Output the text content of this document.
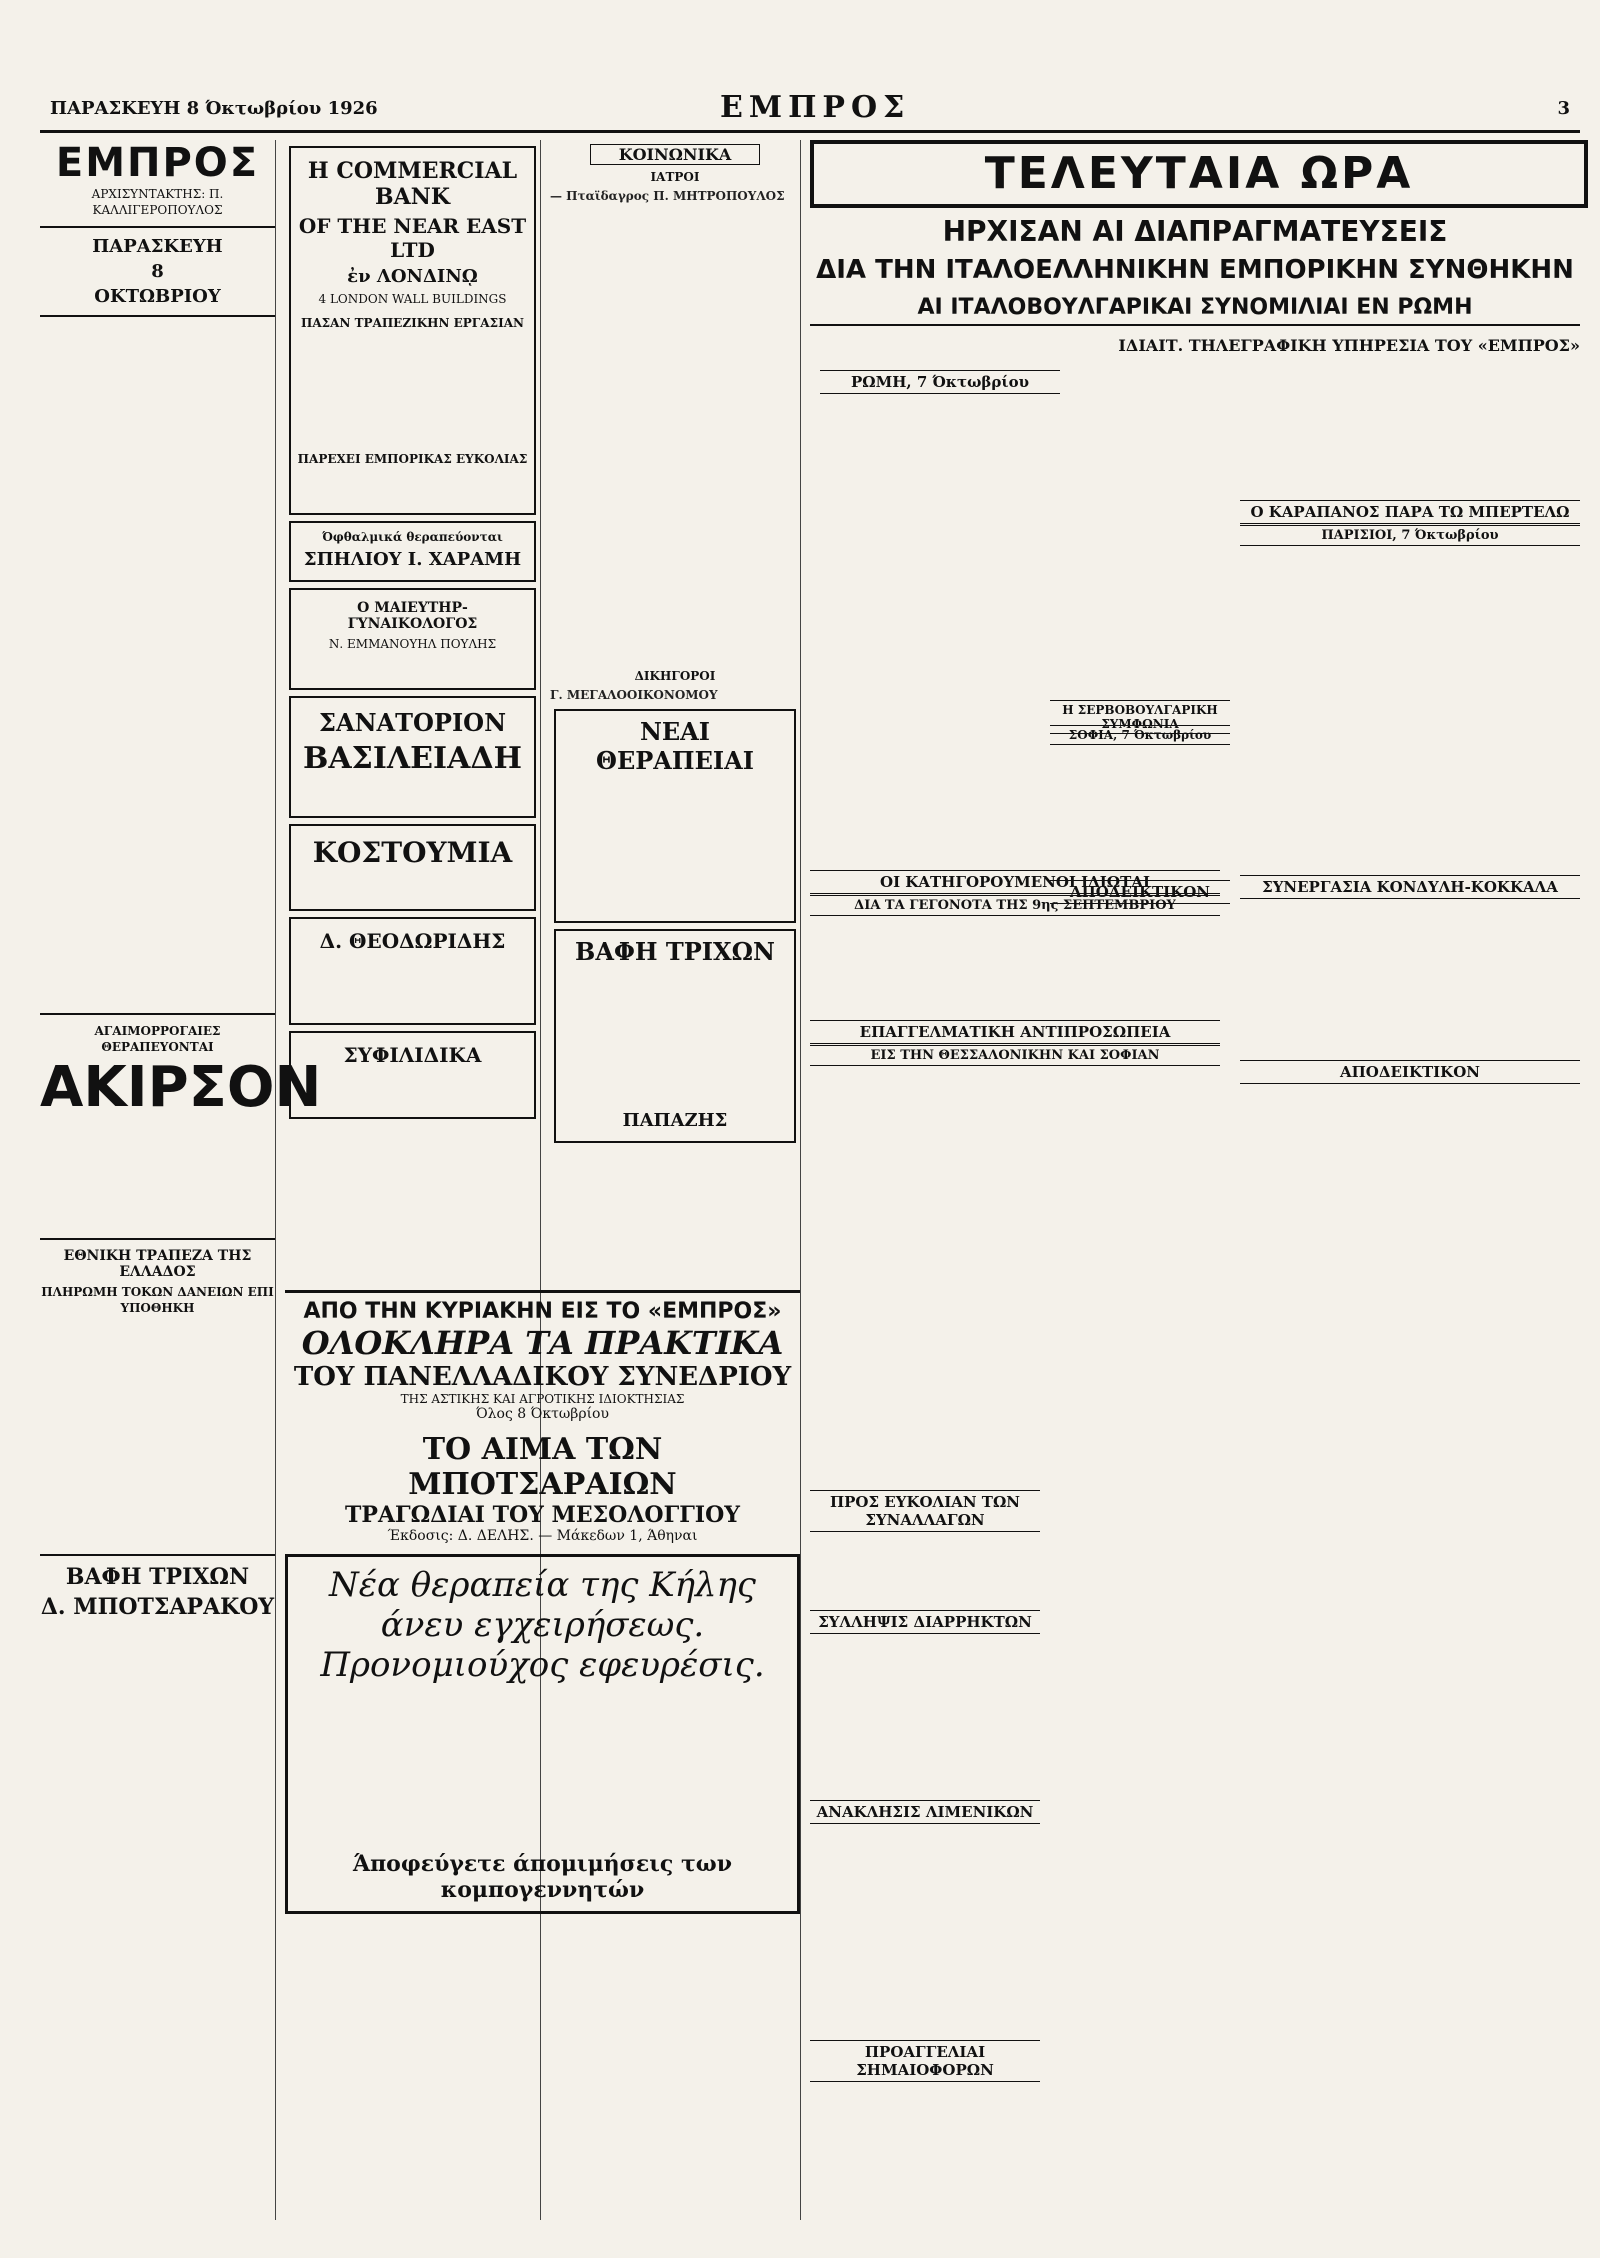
ΠΑΡΑΣΚΕΥΗ 8 Όκτωβρίου 1926	ΕΜΠΡΟΣ	3
ΕΜΠΡΟΣ
ΑΡΧΙΣΥΝΤΑΚΤΗΣ: Π. ΚΑΛΛΙΓΕΡΟΠΟΥΛΟΣ
ΠΑΡΑΣΚΕΥΗ
8
ΟΚΤΩΒΡΙΟΥ
ΑΓΑΙΜΟΡΡΟΓΑΙΕΣ ΘΕΡΑΠΕΥΟΝΤΑΙ
ΑΚΙΡΣΟΝ
ΕΘΝΙΚΗ ΤΡΑΠΕΖΑ ΤΗΣ ΕΛΛΑΔΟΣ
ΠΛΗΡΩΜΗ ΤΟΚΩΝ ΔΑΝΕΙΩΝ ΕΠΙ ΥΠΟΘΗΚΗ
ΒΑΦΗ ΤΡΙΧΩΝ
Δ. ΜΠΟΤΣΑΡΑΚΟΥ
Η COMMERCIAL BANK
OF THE NEAR EAST LTD
ἐν ΛΟΝΔΙΝῼ
4 LONDON WALL BUILDINGS
ΠΑΣΑΝ ΤΡΑΠΕΖΙΚΗΝ ΕΡΓΑΣΙΑΝ
ΠΑΡΕΧΕΙ ΕΜΠΟΡΙΚΑΣ ΕΥΚΟΛΙΑΣ
Όφθαλμικά θεραπεύονται
ΣΠΗΛΙΟΥ Ι. ΧΑΡΑΜΗ
Ο ΜΑΙΕΥΤΗΡ-ΓΥΝΑΙΚΟΛΟΓΟΣ
Ν. ΕΜΜΑΝΟΥΗΛ ΠΟΥΛΗΣ
ΣΑΝΑΤΟΡΙΟΝ
ΒΑΣΙΛΕΙΑΔΗ
ΚΟΣΤΟΥΜΙΑ
Δ. ΘΕΟΔΩΡΙΔΗΣ
ΣΥΦΙΛΙΔΙΚΑ
ΚΟΙΝΩΝΙΚΑ
ΙΑΤΡΟΙ
— Πταϊδαγρος Π. ΜΗΤΡΟΠΟΥΛΟΣ
ΔΙΚΗΓΟΡΟΙ
Γ. ΜΕΓΑΛΟΟΙΚΟΝΟΜΟΥ
ΝΕΑΙ ΘΕΡΑΠΕΙΑΙ
ΒΑΦΗ ΤΡΙΧΩΝ
ΠΑΠΑΖΗΣ
ΤΕΛΕΥΤΑΙΑ ΩΡΑ
ΗΡΧΙΣΑΝ ΑΙ ΔΙΑΠΡΑΓΜΑΤΕΥΣΕΙΣ
ΔΙΑ ΤΗΝ ΙΤΑΛΟΕΛΛΗΝΙΚΗΝ ΕΜΠΟΡΙΚΗΝ ΣΥΝΘΗΚΗΝ
ΑΙ ΙΤΑΛΟΒΟΥΛΓΑΡΙΚΑΙ ΣΥΝΟΜΙΛΙΑΙ ΕΝ ΡΩΜΗ
ΙΔΙΑΙΤ. ΤΗΛΕΓΡΑΦΙΚΗ ΥΠΗΡΕΣΙΑ ΤΟΥ «ΕΜΠΡΟΣ»
ΡΩΜΗ, 7 Όκτωβρίου
ΟΙ ΚΑΤΗΓΟΡΟΥΜΕΝΟΙ ΙΔΙΩΤΑΙ
ΔΙΑ ΤΑ ΓΕΓΟΝΟΤΑ ΤΗΣ 9ης ΣΕΠΤΕΜΒΡΙΟΥ
ΕΠΑΓΓΕΛΜΑΤΙΚΗ ΑΝΤΙΠΡΟΣΩΠΕΙΑ
ΕΙΣ ΤΗΝ ΘΕΣΣΑΛΟΝΙΚΗΝ ΚΑΙ ΣΟΦΙΑΝ
ΠΡΟΣ ΕΥΚΟΛΙΑΝ ΤΩΝ ΣΥΝΑΛΛΑΓΩΝ
ΣΥΛΛΗΨΙΣ ΔΙΑΡΡΗΚΤΩΝ
ΑΝΑΚΛΗΣΙΣ ΛΙΜΕΝΙΚΩΝ
ΠΡΟΑΓΓΕΛΙΑΙ ΣΗΜΑΙΟΦΟΡΩΝ
ΑΠΟΔΕΙΚΤΙΚΟΝ
Ο ΚΑΡΑΠΑΝΟΣ ΠΑΡΑ ΤΩ ΜΠΕΡΤΕΛΩ
ΠΑΡΙΣΙΟΙ, 7 Όκτωβρίου
Η ΣΕΡΒΟΒΟΥΛΓΑΡΙΚΗ ΣΥΜΦΩΝΙΑ
ΣΟΦΙΑ, 7 Όκτωβρίου
ΣΥΝΕΡΓΑΣΙΑ ΚΟΝΔΥΛΗ-ΚΟΚΚΑΛΑ
ΑΠΟΔΕΙΚΤΙΚΟΝ
ΑΠΟ ΤΗΝ ΚΥΡΙΑΚΗΝ ΕΙΣ ΤΟ «ΕΜΠΡΟΣ»
ΟΛΟΚΛΗΡΑ ΤΑ ΠΡΑΚΤΙΚΑ
ΤΟΥ ΠΑΝΕΛΛΑΔΙΚΟΥ ΣΥΝΕΔΡΙΟΥ
ΤΗΣ ΑΣΤΙΚΗΣ ΚΑΙ ΑΓΡΟΤΙΚΗΣ ΙΔΙΟΚΤΗΣΙΑΣ
Όλος 8 Όκτωβρίου
ΤΟ ΑΙΜΑ ΤΩΝ ΜΠΟΤΣΑΡΑΙΩΝ
ΤΡΑΓΩΔΙΑΙ ΤΟΥ ΜΕΣΟΛΟΓΓΙΟΥ
Έκδοσις: Δ. ΔΕΛΗΣ. — Μάκεδων 1, Άθηναι
Νέα θεραπεία της Κήλης
άνευ εγχειρήσεως.
Προνομιούχος εφευρέσις.
Άποφεύγετε άπομιμήσεις των κομπογεννητών
